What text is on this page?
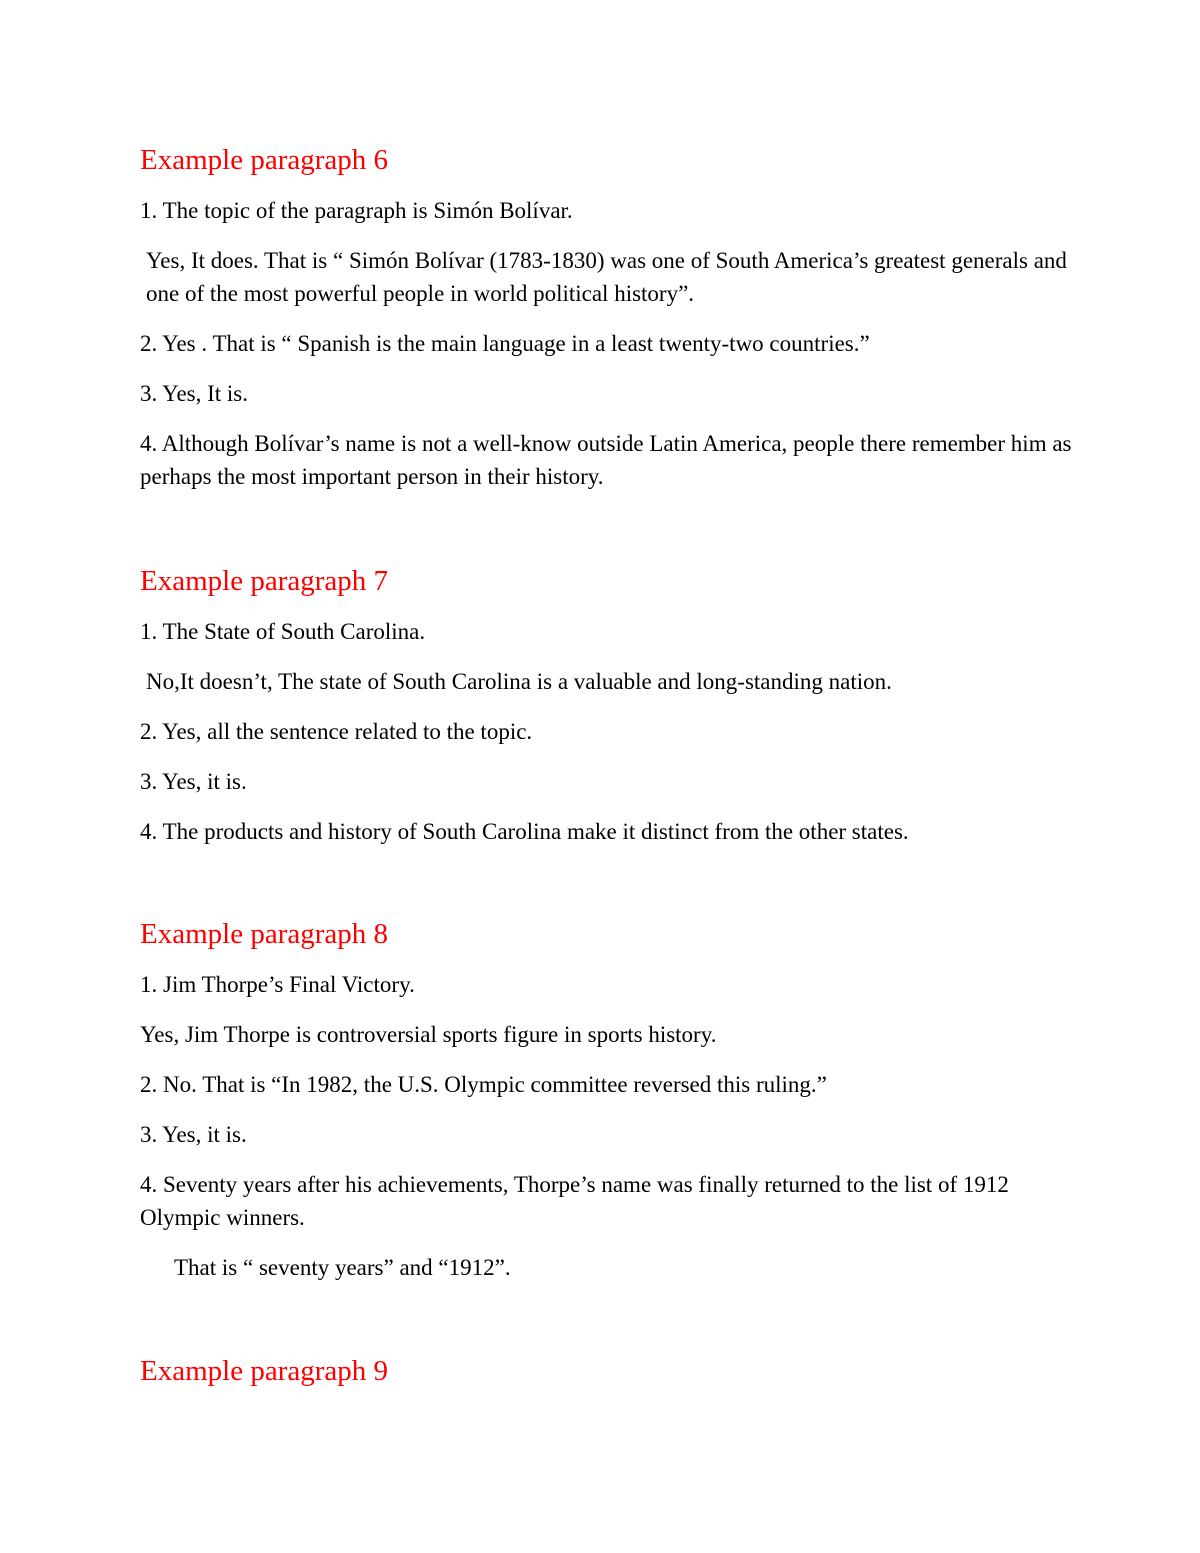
Example paragraph 6
1. The topic of the paragraph is Simón Bolívar.
Yes, It does. That is “ Simón Bolívar (1783-1830) was one of South America’s greatest generals and one of the most powerful people in world political history”.
2. Yes . That is “ Spanish is the main language in a least twenty-two countries.”
3. Yes, It is.
4. Although Bolívar’s name is not a well-know outside Latin America, people there remember him as perhaps the most important person in their history.
Example paragraph 7
1. The State of South Carolina.
No,It doesn’t, The state of South Carolina is a valuable and long-standing nation.
2. Yes, all the sentence related to the topic.
3. Yes, it is.
4. The products and history of South Carolina make it distinct from the other states.
Example paragraph 8
1. Jim Thorpe’s Final Victory.
Yes, Jim Thorpe is controversial sports figure in sports history.
2. No. That is “In 1982, the U.S. Olympic committee reversed this ruling.”
3. Yes, it is.
4. Seventy years after his achievements, Thorpe’s name was finally returned to the list of 1912 Olympic winners.
That is “ seventy years” and “1912”.
Example paragraph 9
